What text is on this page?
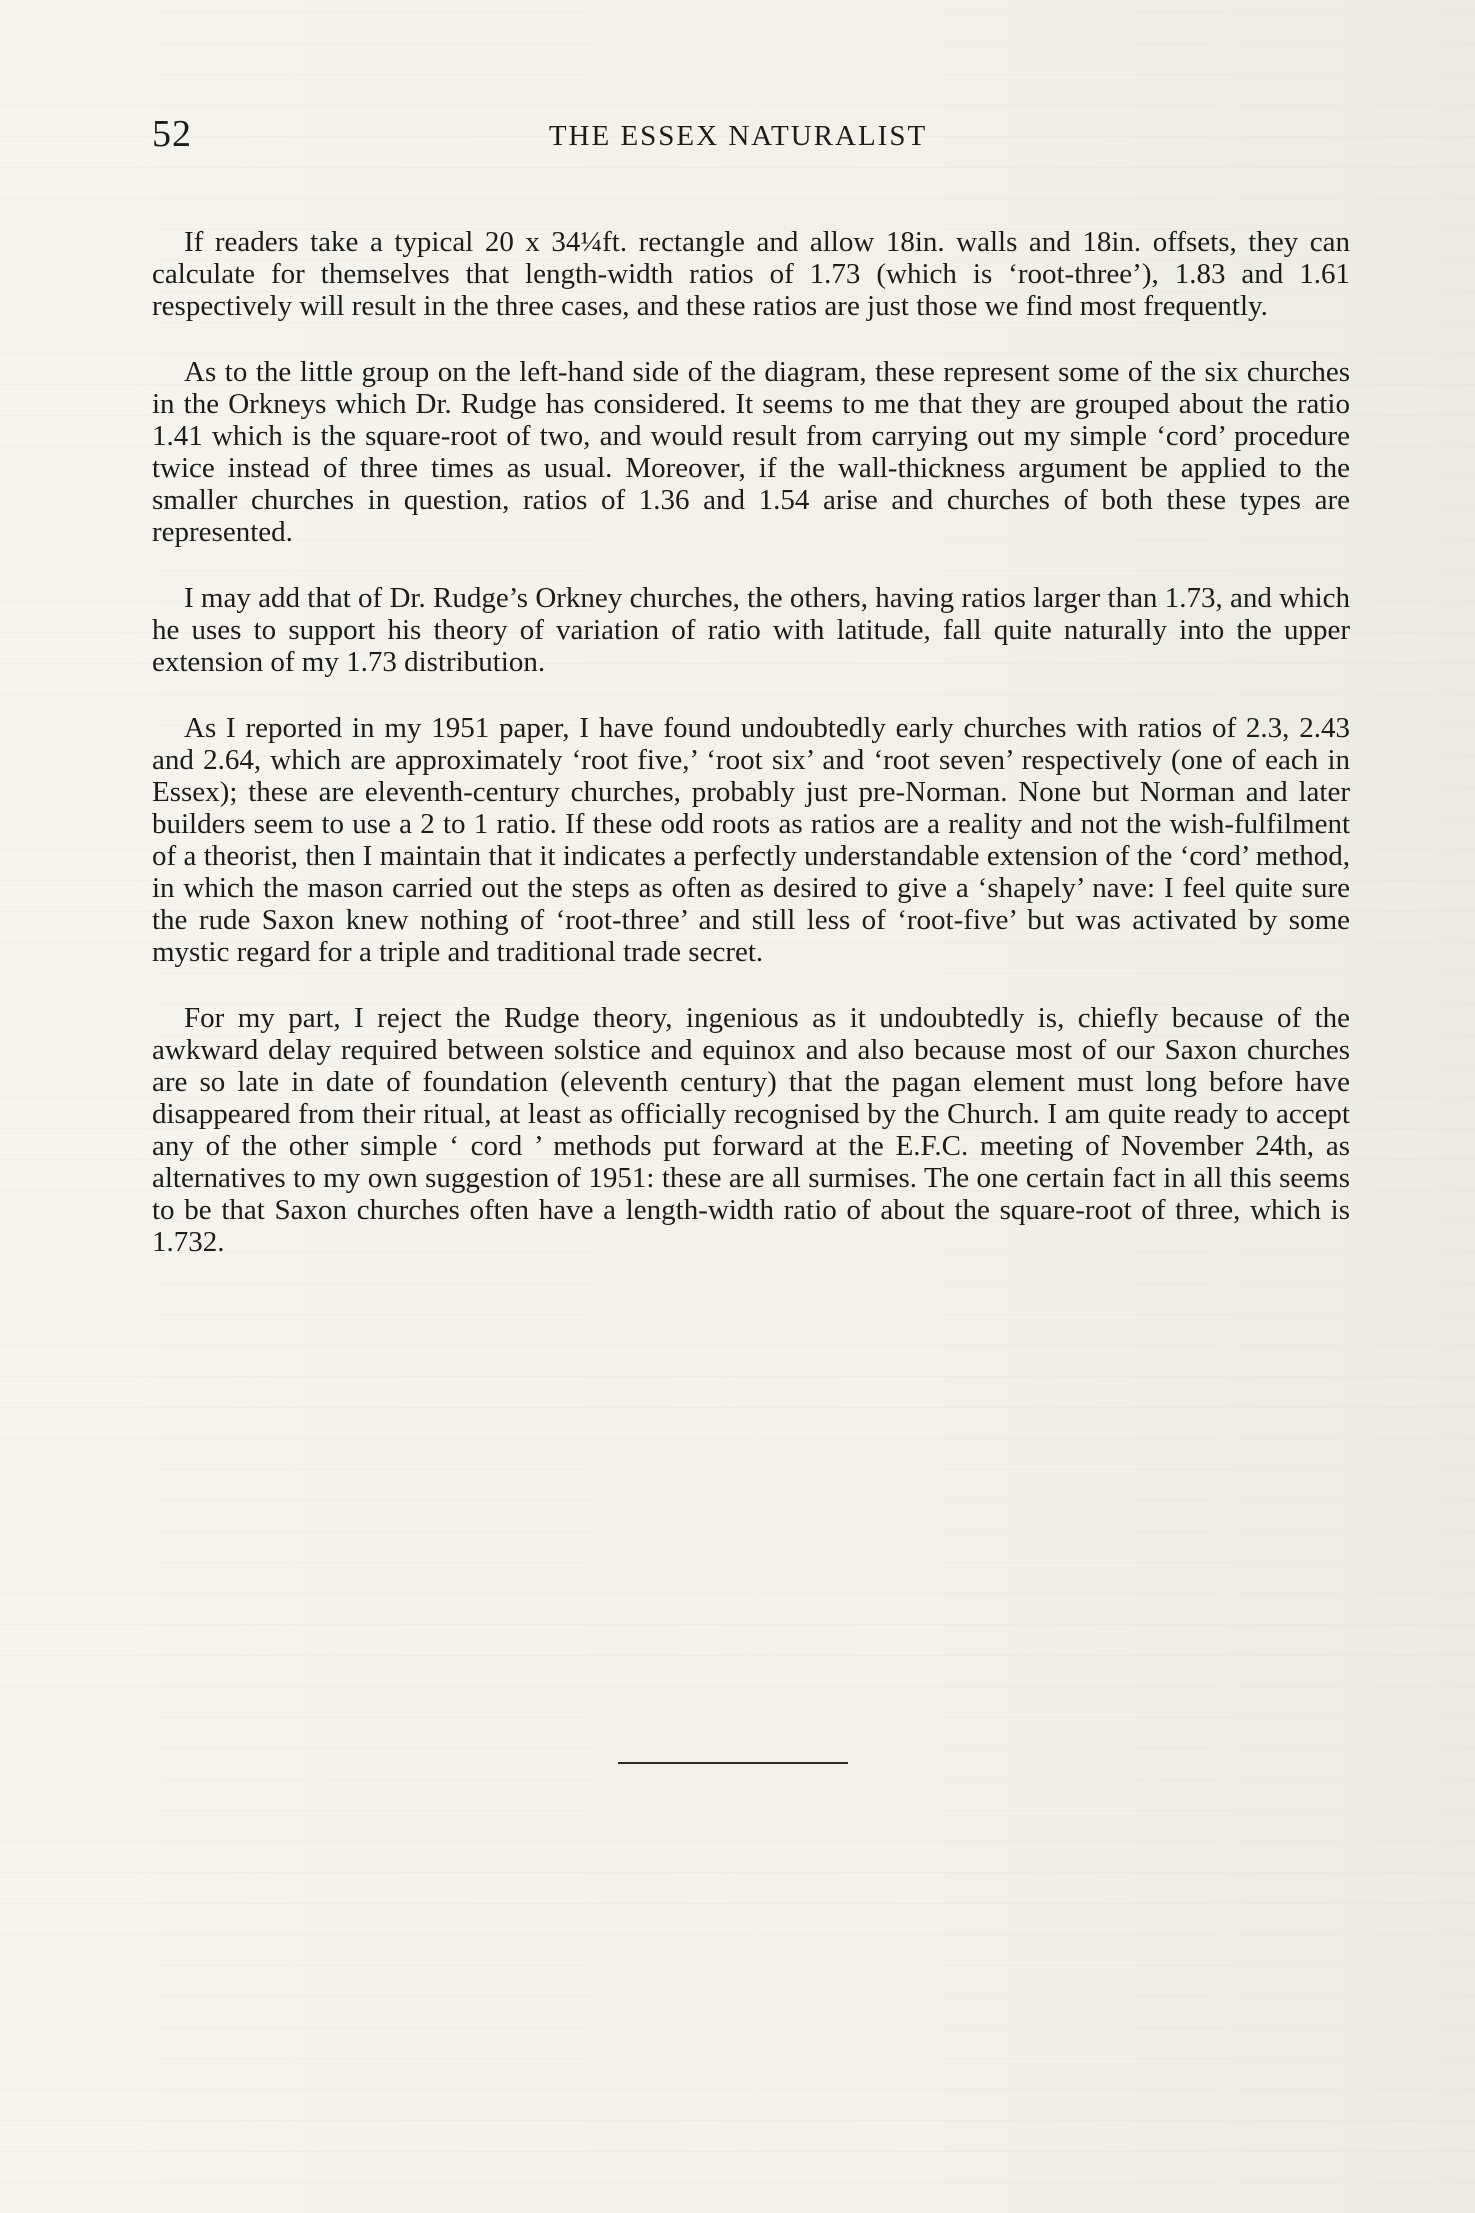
52	THE ESSEX NATURALIST

If readers take a typical 20 x 34¼ft. rectangle and allow 18in. walls and 18in. offsets, they can calculate for themselves that length-width ratios of 1.73 (which is ‘root-three’), 1.83 and 1.61 respectively will result in the three cases, and these ratios are just those we find most frequently.

As to the little group on the left-hand side of the diagram, these represent some of the six churches in the Orkneys which Dr. Rudge has considered. It seems to me that they are grouped about the ratio 1.41 which is the square-root of two, and would result from carrying out my simple ‘cord’ procedure twice instead of three times as usual. Moreover, if the wall-thickness argument be applied to the smaller churches in question, ratios of 1.36 and 1.54 arise and churches of both these types are represented.

I may add that of Dr. Rudge’s Orkney churches, the others, having ratios larger than 1.73, and which he uses to support his theory of variation of ratio with latitude, fall quite naturally into the upper extension of my 1.73 distribution.

As I reported in my 1951 paper, I have found undoubtedly early churches with ratios of 2.3, 2.43 and 2.64, which are approximately ‘root five,’ ‘root six’ and ‘root seven’ respectively (one of each in Essex); these are eleventh-century churches, probably just pre-Norman. None but Norman and later builders seem to use a 2 to 1 ratio. If these odd roots as ratios are a reality and not the wish-fulfilment of a theorist, then I maintain that it indicates a perfectly understandable extension of the ‘cord’ method, in which the mason carried out the steps as often as desired to give a ‘shapely’ nave: I feel quite sure the rude Saxon knew nothing of ‘root-three’ and still less of ‘root-five’ but was activated by some mystic regard for a triple and traditional trade secret.

For my part, I reject the Rudge theory, ingenious as it undoubtedly is, chiefly because of the awkward delay required between solstice and equinox and also because most of our Saxon churches are so late in date of foundation (eleventh century) that the pagan element must long before have disappeared from their ritual, at least as officially recognised by the Church. I am quite ready to accept any of the other simple ‘ cord ’ methods put forward at the E.F.C. meeting of November 24th, as alternatives to my own suggestion of 1951: these are all surmises. The one certain fact in all this seems to be that Saxon churches often have a length-width ratio of about the square-root of three, which is 1.732.
